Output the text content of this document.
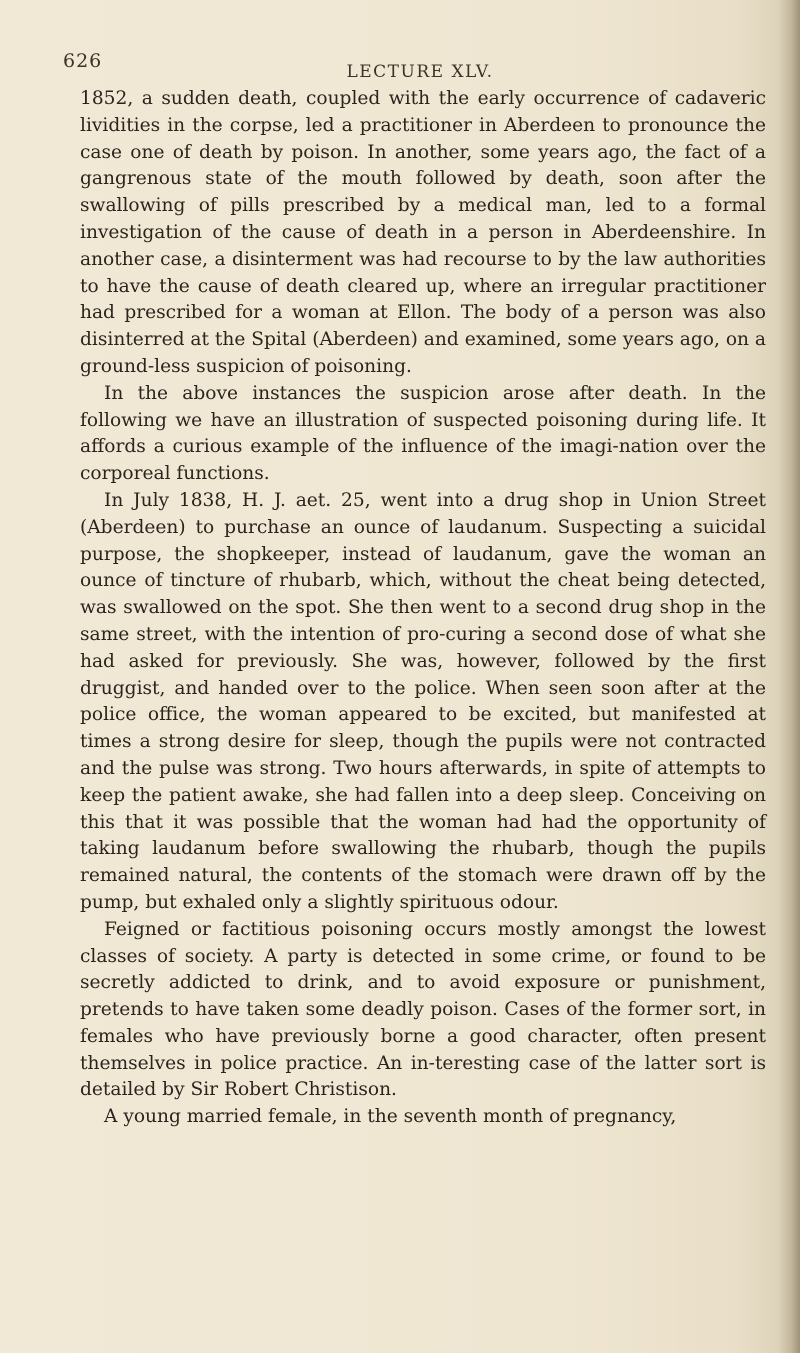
626	LECTURE XLV.

1852, a sudden death, coupled with the early occurrence of cadaveric lividities in the corpse, led a practitioner in Aberdeen to pronounce the case one of death by poison. In another, some years ago, the fact of a gangrenous state of the mouth followed by death, soon after the swallowing of pills prescribed by a medical man, led to a formal investigation of the cause of death in a person in Aberdeenshire. In another case, a disinterment was had recourse to by the law authorities to have the cause of death cleared up, where an irregular practitioner had prescribed for a woman at Ellon. The body of a person was also disinterred at the Spital (Aberdeen) and examined, some years ago, on a ground-less suspicion of poisoning.

In the above instances the suspicion arose after death. In the following we have an illustration of suspected poisoning during life. It affords a curious example of the influence of the imagi-nation over the corporeal functions.

In July 1838, H. J. aet. 25, went into a drug shop in Union Street (Aberdeen) to purchase an ounce of laudanum. Suspecting a suicidal purpose, the shopkeeper, instead of laudanum, gave the woman an ounce of tincture of rhubarb, which, without the cheat being detected, was swallowed on the spot. She then went to a second drug shop in the same street, with the intention of pro-curing a second dose of what she had asked for previously. She was, however, followed by the first druggist, and handed over to the police. When seen soon after at the police office, the woman appeared to be excited, but manifested at times a strong desire for sleep, though the pupils were not contracted and the pulse was strong. Two hours afterwards, in spite of attempts to keep the patient awake, she had fallen into a deep sleep. Conceiving on this that it was possible that the woman had had the opportunity of taking laudanum before swallowing the rhubarb, though the pupils remained natural, the contents of the stomach were drawn off by the pump, but exhaled only a slightly spirituous odour.

Feigned or factitious poisoning occurs mostly amongst the lowest classes of society. A party is detected in some crime, or found to be secretly addicted to drink, and to avoid exposure or punishment, pretends to have taken some deadly poison. Cases of the former sort, in females who have previously borne a good character, often present themselves in police practice. An in-teresting case of the latter sort is detailed by Sir Robert Christison.

A young married female, in the seventh month of pregnancy,
